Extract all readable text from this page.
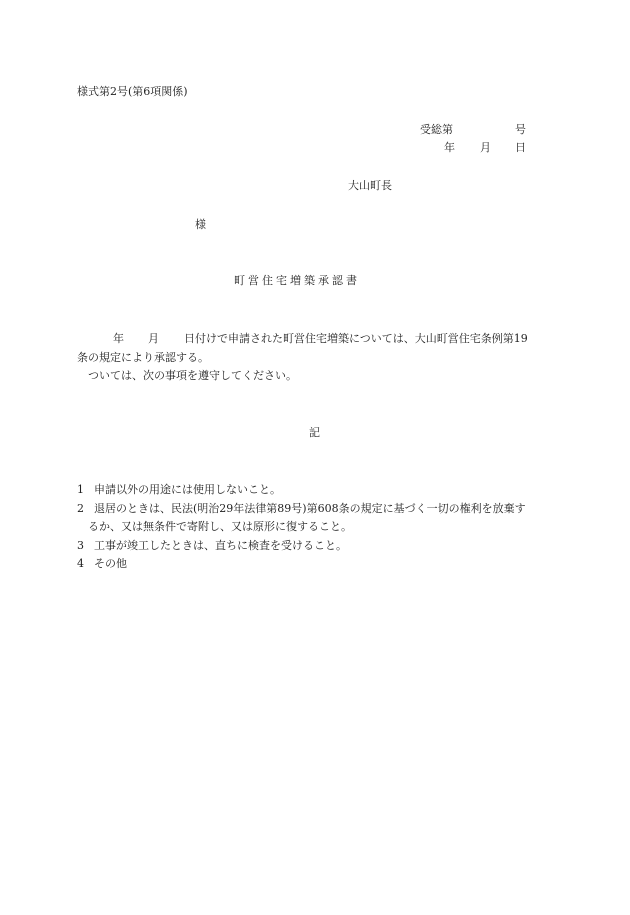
様式第2号(第6項関係)
受総第	号
年 月 日
大山町長
様
町営住宅増築承認書
年 月 日付けで申請された町営住宅増築については、大山町営住宅条例第19
条の規定により承認する。
ついては、次の事項を遵守してください。
記
1 申請以外の用途には使用しないこと。
2 退居のときは、民法(明治29年法律第89号)第608条の規定に基づく一切の権利を放棄す
るか、又は無条件で寄附し、又は原形に復すること。
3 工事が竣工したときは、直ちに検査を受けること。
4 その他
